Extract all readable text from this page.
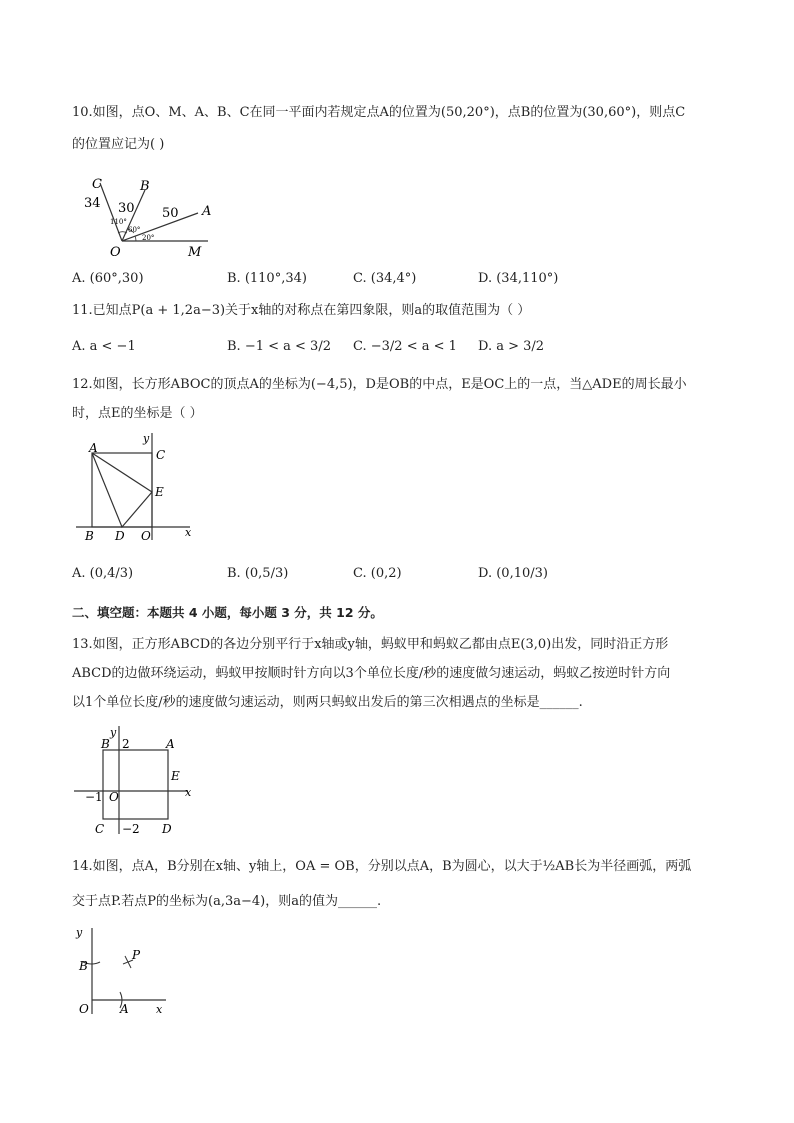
10.如图，点O、M、A、B、C在同一平面内若规定点A的位置为(50,20°)，点B的位置为(30,60°)，则点C
的位置应记为( )
C	B
A
O	M
34 30 50
110°
60°
20°
A. (60°,30)	B. (110°,34)	C. (34,4°)	D. (34,110°)
11.已知点P(a + 1,2a−3)关于x轴的对称点在第四象限，则a的取值范围为（ ）
A. a < −1	B. −1 < a < 3/2 C. −3/2 < a < 1 D. a > 3/2
12.如图，长方形ABOC的顶点A的坐标为(−4,5)，D是OB的中点，E是OC上的一点，当△ADE的周长最小
时，点E的坐标是（ ）
A	C
E
B D O	x
y
A. (0,4/3)	B. (0,5/3)	C. (0,2)	D. (0,10/3)
二、填空题：本题共 4 小题，每小题 3 分，共 12 分。
13.如图，正方形ABCD的各边分别平行于x轴或y轴，蚂蚁甲和蚂蚁乙都由点E(3,0)出发，同时沿正方形
ABCD的边做环绕运动，蚂蚁甲按顺时针方向以3个单位长度/秒的速度做匀速运动，蚂蚁乙按逆时针方向
以1个单位长度/秒的速度做匀速运动，则两只蚂蚁出发后的第三次相遇点的坐标是______.
y
B 2	A
E
−1 O	x
C −2 D
14.如图，点A，B分别在x轴、y轴上，OA = OB，分别以点A，B为圆心，以大于½AB长为半径画弧，两弧
交于点P.若点P的坐标为(a,3a−4)，则a的值为______.
y
P
B
O	A x
